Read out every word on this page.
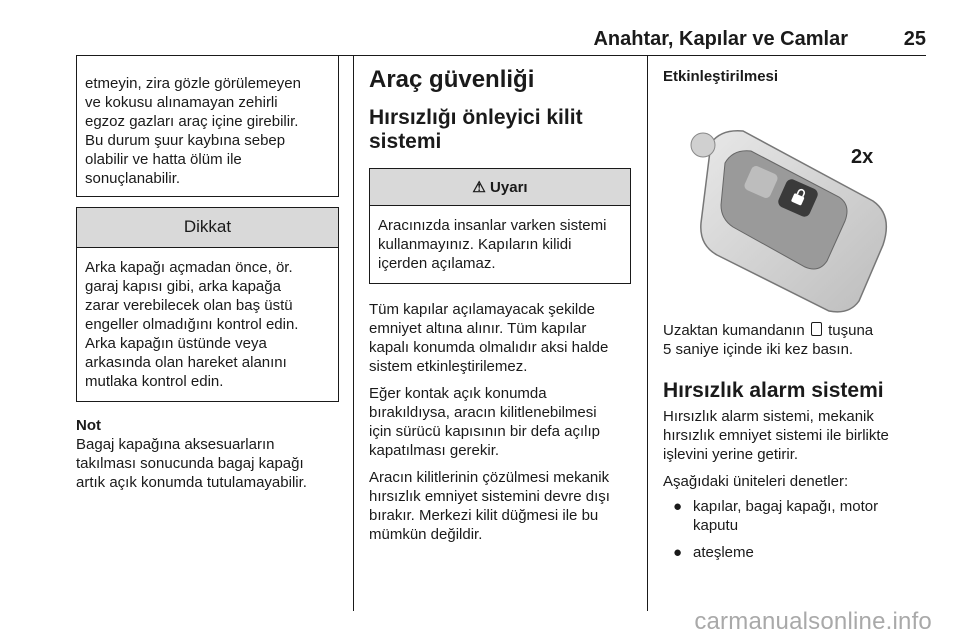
Anahtar, Kapılar ve Camlar	25
etmeyin, zira gözle görülemeyen
ve kokusu alınamayan zehirli
egzoz gazları araç içine girebilir.
Bu durum şuur kaybına sebep
olabilir ve hatta ölüm ile
sonuçlanabilir.
Dikkat
Arka kapağı açmadan önce, ör.
garaj kapısı gibi, arka kapağa
zarar verebilecek olan baş üstü
engeller olmadığını kontrol edin.
Arka kapağın üstünde veya
arkasında olan hareket alanını
mutlaka kontrol edin.
Not
Bagaj kapağına aksesuarların
takılması sonucunda bagaj kapağı
artık açık konumda tutulamayabilir.
Araç güvenliği
Hırsızlığı önleyici kilit
sistemi
⚠ Uyarı
Aracınızda insanlar varken sistemi
kullanmayınız. Kapıların kilidi
içerden açılamaz.

Tüm kapılar açılamayacak şekilde

emniyet altına alınır. Tüm kapılar

kapalı konumda olmalıdır aksi halde

sistem etkinleştirilemez.

Eğer kontak açık konumda

bırakıldıysa, aracın kilitlenebilmesi

için sürücü kapısının bir defa açılıp

kapatılması gerekir.

Aracın kilitlerinin çözülmesi mekanik

hırsızlık emniyet sistemini devre dışı

bırakır. Merkezi kilit düğmesi ile bu

mümkün değildir.

Etkinleştirilmesi
2x

Uzaktan kumandanın tuşuna

5 saniye içinde iki kez basın.

Hırsızlık alarm sistemi

Hırsızlık alarm sistemi, mekanik

hırsızlık emniyet sistemi ile birlikte

işlevini yerine getirir.

Aşağıdaki üniteleri denetler:

● kapılar, bagaj kapağı, motor
kaputu
● ateşleme
carmanualsonline.info
